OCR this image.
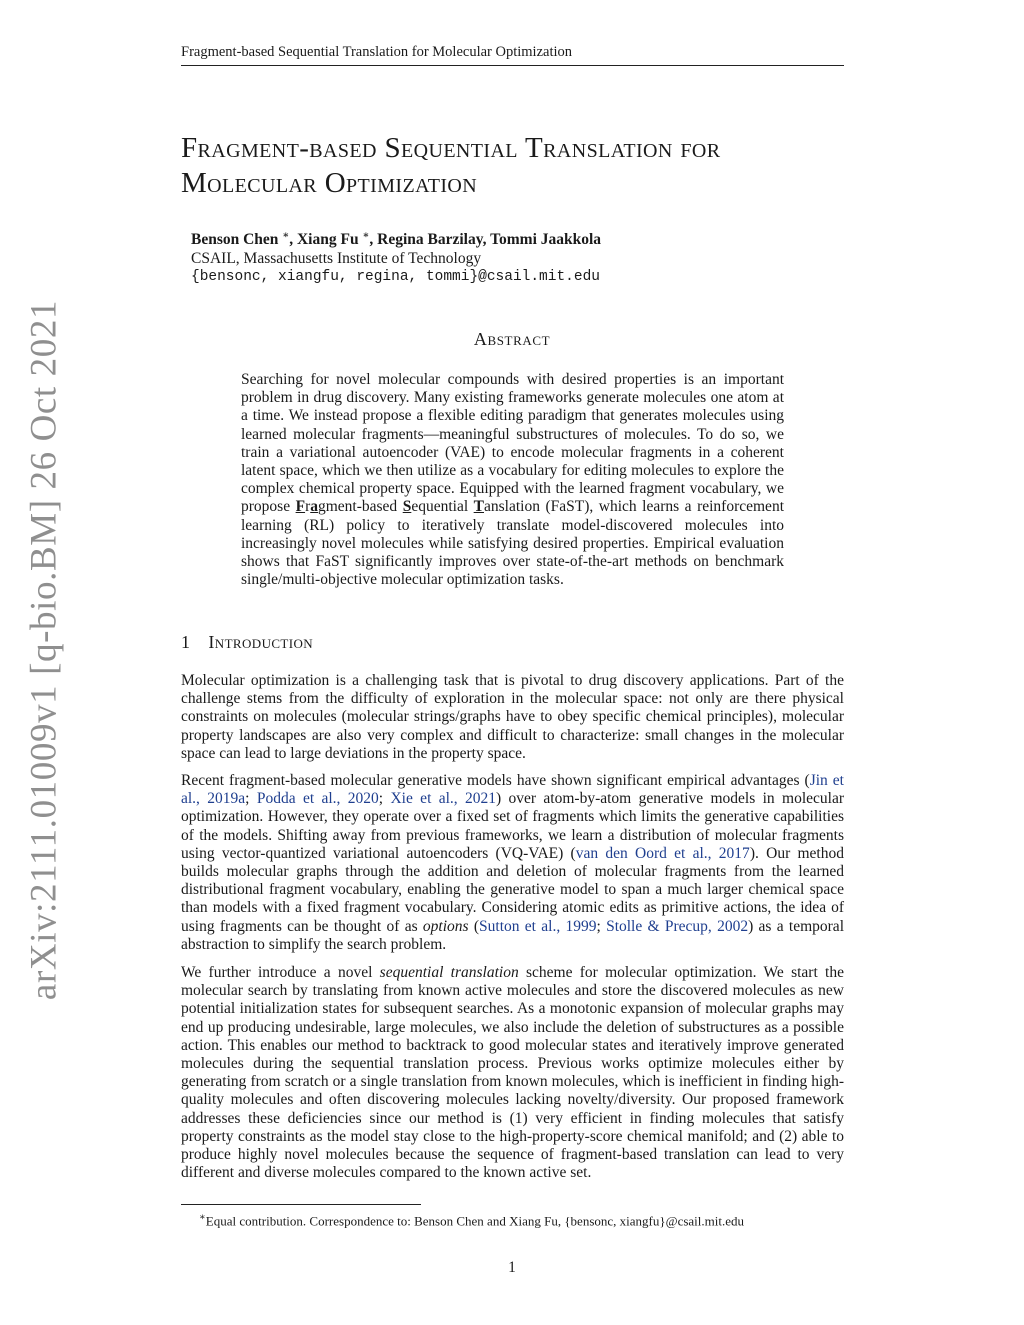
arXiv:2111.01009v1 [q-bio.BM] 26 Oct 2021
Fragment-based Sequential Translation for Molecular Optimization
Fragment-based Sequential Translation for
Molecular Optimization
Benson Chen ∗, Xiang Fu ∗, Regina Barzilay, Tommi Jaakkola
CSAIL, Massachusetts Institute of Technology
{bensonc, xiangfu, regina, tommi}@csail.mit.edu
Abstract

Searching for novel molecular compounds with desired properties is an important problem in drug discovery. Many existing frameworks generate molecules one atom at a time. We instead propose a flexible editing paradigm that generates molecules using learned molecular fragments—meaningful substructures of molecules. To do so, we train a variational autoencoder (VAE) to encode molecular fragments in a coherent latent space, which we then utilize as a vocabulary for editing molecules to explore the complex chemical property space. Equipped with the learned fragment vocabulary, we propose Fragment-based Sequential Tanslation (FaST), which learns a reinforcement learning (RL) policy to iteratively translate model-discovered molecules into increasingly novel molecules while satisfying desired properties. Empirical evaluation shows that FaST significantly improves over state-of-the-art methods on benchmark single/multi-objective molecular optimization tasks.

1 Introduction

Molecular optimization is a challenging task that is pivotal to drug discovery applications. Part of the challenge stems from the difficulty of exploration in the molecular space: not only are there physical constraints on molecules (molecular strings/graphs have to obey specific chemical principles), molecular property landscapes are also very complex and difficult to characterize: small changes in the molecular space can lead to large deviations in the property space.

Recent fragment-based molecular generative models have shown significant empirical advantages (Jin et al., 2019a; Podda et al., 2020; Xie et al., 2021) over atom-by-atom generative models in molecular optimization. However, they operate over a fixed set of fragments which limits the generative capabilities of the models. Shifting away from previous frameworks, we learn a distribution of molecular fragments using vector-quantized variational autoencoders (VQ-VAE) (van den Oord et al., 2017). Our method builds molecular graphs through the addition and deletion of molecular fragments from the learned distributional fragment vocabulary, enabling the generative model to span a much larger chemical space than models with a fixed fragment vocabulary. Considering atomic edits as primitive actions, the idea of using fragments can be thought of as options (Sutton et al., 1999; Stolle & Precup, 2002) as a temporal abstraction to simplify the search problem.

We further introduce a novel sequential translation scheme for molecular optimization. We start the molecular search by translating from known active molecules and store the discovered molecules as new potential initialization states for subsequent searches. As a monotonic expansion of molecular graphs may end up producing undesirable, large molecules, we also include the deletion of substructures as a possible action. This enables our method to backtrack to good molecular states and iteratively improve generated molecules during the sequential translation process. Previous works optimize molecules either by generating from scratch or a single translation from known molecules, which is inefficient in finding high-quality molecules and often discovering molecules lacking novelty/diversity. Our proposed framework addresses these deficiencies since our method is (1) very efficient in finding molecules that satisfy property constraints as the model stay close to the high-property-score chemical manifold; and (2) able to produce highly novel molecules because the sequence of fragment-based translation can lead to very different and diverse molecules compared to the known active set.

∗Equal contribution. Correspondence to: Benson Chen and Xiang Fu, {bensonc, xiangfu}@csail.mit.edu
1
